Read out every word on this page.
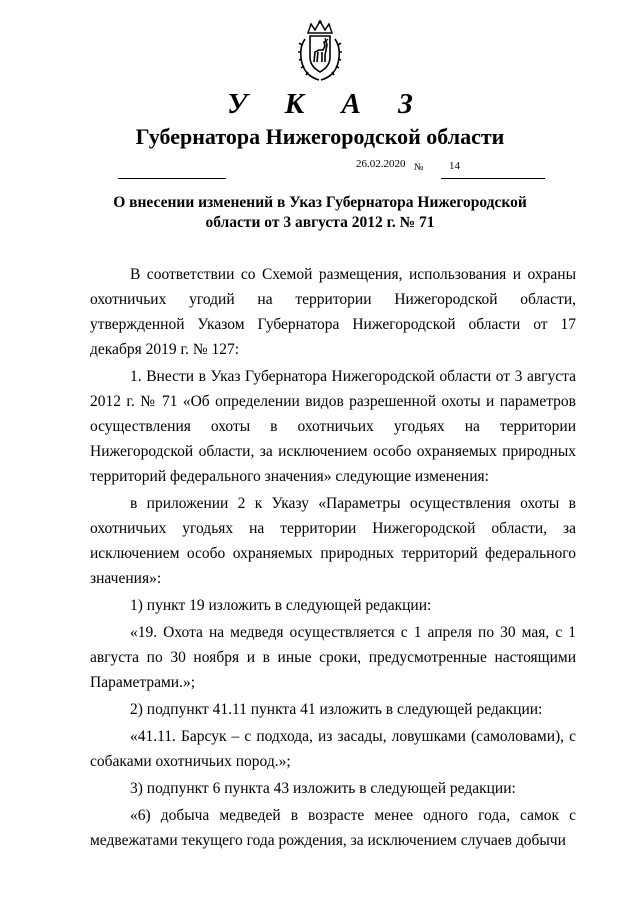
У К А З
Губернатора Нижегородской области
26.02.2020 № 14
О внесении изменений в Указ Губернатора Нижегородской
области от 3 августа 2012 г. № 71

В соответствии со Схемой размещения, использования и охраны охотничьих угодий на территории Нижегородской области, утвержденной Указом Губернатора Нижегородской области от 17 декабря 2019 г. № 127:

1. Внести в Указ Губернатора Нижегородской области от 3 августа 2012 г. № 71 «Об определении видов разрешенной охоты и параметров осуществления охоты в охотничьих угодьях на территории Нижегородской области, за исключением особо охраняемых природных территорий федерального значения» следующие изменения:

в приложении 2 к Указу «Параметры осуществления охоты в охотничьих угодьях на территории Нижегородской области, за исключением особо охраняемых природных территорий федерального значения»:

1) пункт 19 изложить в следующей редакции:

«19. Охота на медведя осуществляется с 1 апреля по 30 мая, с 1 августа по 30 ноября и в иные сроки, предусмотренные настоящими Параметрами.»;

2) подпункт 41.11 пункта 41 изложить в следующей редакции:

«41.11. Барсук – с подхода, из засады, ловушками (самоловами), с собаками охотничьих пород.»;

3) подпункт 6 пункта 43 изложить в следующей редакции:

«6) добыча медведей в возрасте менее одного года, самок с медвежатами текущего года рождения, за исключением случаев добычи
